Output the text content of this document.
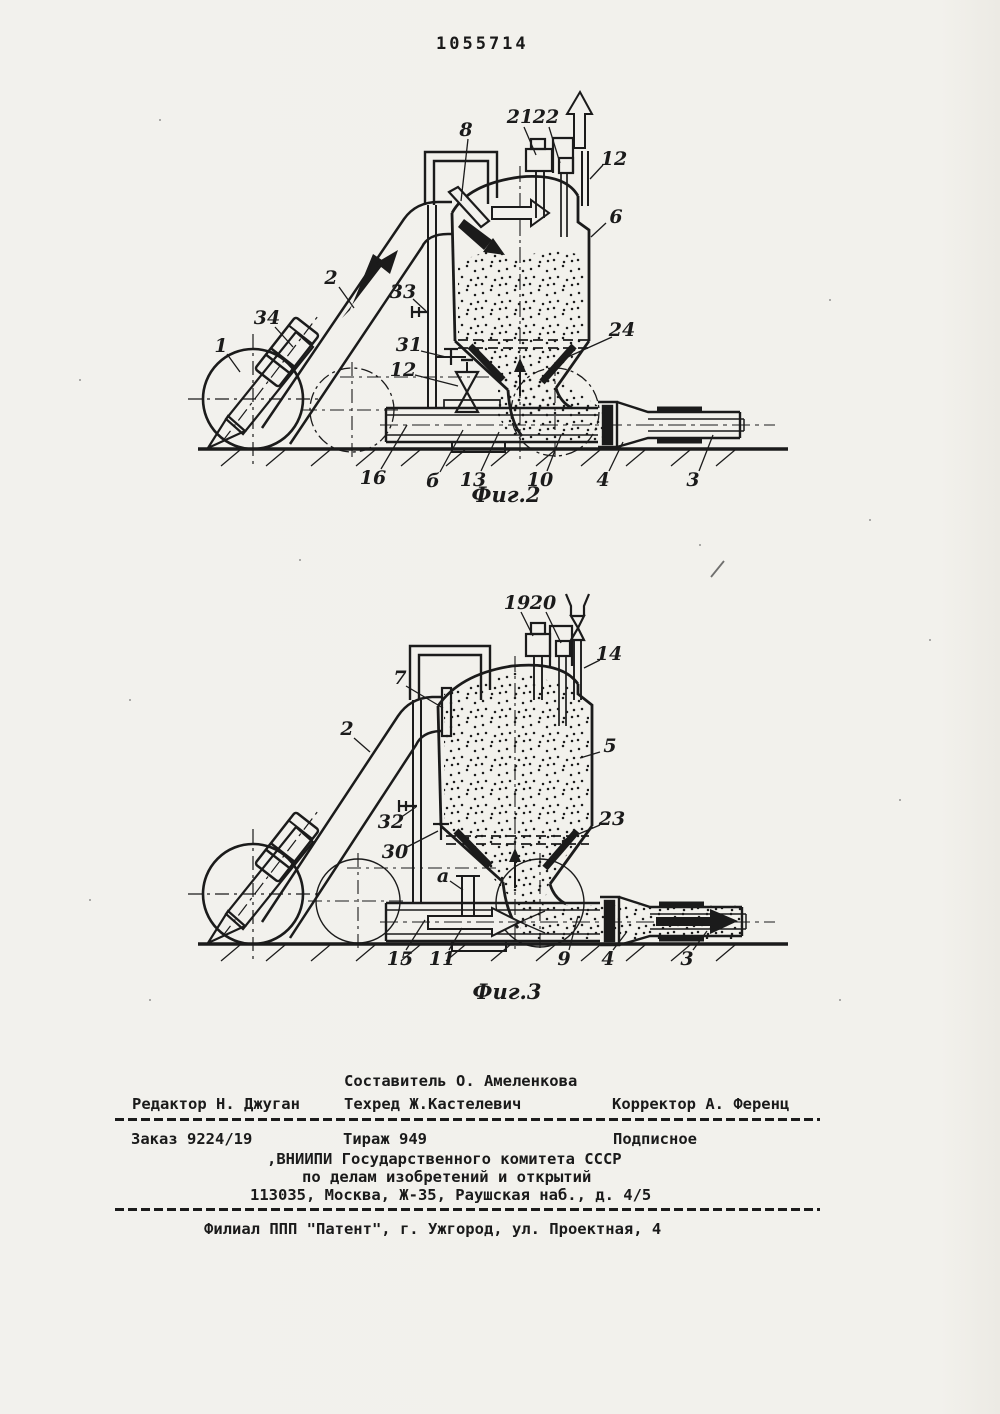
1055714
8
21 22
12
6
2
33
34
1	31
12
24
16 б 13 10 4	3
Фиг.2
19 20
14
7
2
5
32
30
23
а
15 11	9 4	3
Фиг.3
Составитель О. Амеленкова
Редактор Н. Джуган	Техред Ж.Кастелевич	Корректор А. Ференц
Заказ 9224/19	Тираж 949	Подписное
,ВНИИПИ Государственного комитета СССР
по делам изобретений и открытий
113035, Москва, Ж-35, Раушская наб., д. 4/5
Филиал ППП "Патент", г. Ужгород, ул. Проектная, 4
